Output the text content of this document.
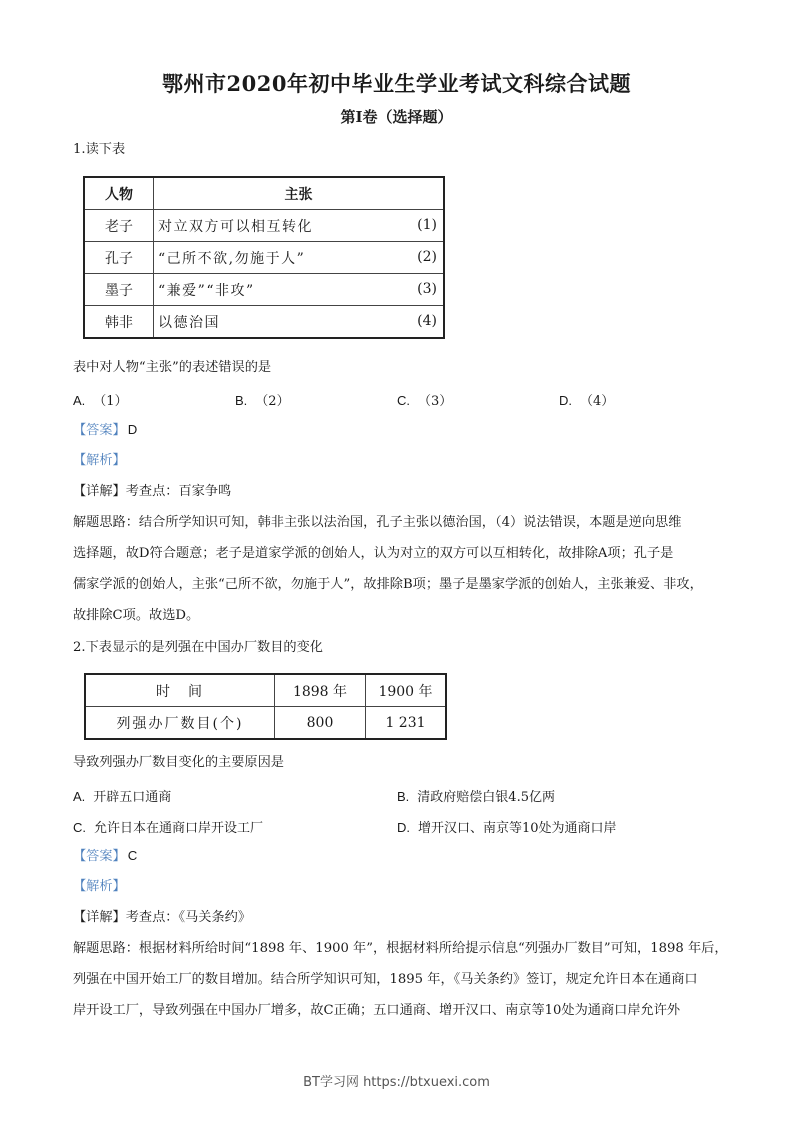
鄂州市2020年初中毕业生学业考试文科综合试题
第Ⅰ卷（选择题）
1.读下表
人物	主张
老子	对立双方可以相互转化 (1)

孔子	“己所不欲,勿施于人” (2)

墨子	“兼爱”“非攻” (3)

韩非	以德治国 (4)
表中对人物“主张”的表述错误的是
A. （1）	B. （2）	C. （3）	D. （4）
【答案】 D
【解析】
【详解】考查点：百家争鸣
解题思路：结合所学知识可知，韩非主张以法治国，孔子主张以德治国，（4）说法错误，本题是逆向思维
选择题，故D符合题意；老子是道家学派的创始人，认为对立的双方可以互相转化，故排除A项；孔子是
儒家学派的创始人，主张“己所不欲，勿施于人”，故排除B项；墨子是墨家学派的创始人，主张兼爱、非攻，
故排除C项。故选D。
2.下表显示的是列强在中国办厂数目的变化
时　间	1898 年	1900 年
列强办厂数目(个)	800	1 231
导致列强办厂数目变化的主要原因是
A. 开辟五口通商	B. 清政府赔偿白银4.5亿两
C. 允许日本在通商口岸开设工厂	D. 增开汉口、南京等10处为通商口岸
【答案】 C
【解析】
【详解】考查点：《马关条约》
解题思路：根据材料所给时间“1898 年、1900 年”，根据材料所给提示信息“列强办厂数目”可知，1898 年后，
列强在中国开始工厂的数目增加。结合所学知识可知，1895 年，《马关条约》签订，规定允许日本在通商口
岸开设工厂，导致列强在中国办厂增多，故C正确；五口通商、增开汉口、南京等10处为通商口岸允许外
BT学习网 https://btxuexi.com
